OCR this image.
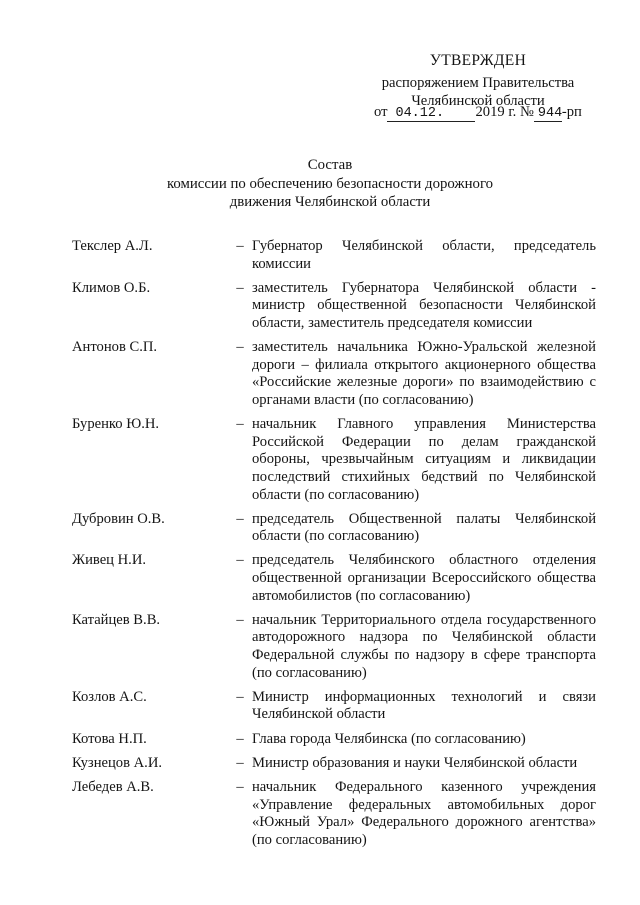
УТВЕРЖДЕН
распоряжением Правительства
Челябинской области
от 04.12. 2019 г. № 944-рп
Состав
комиссии по обеспечению безопасности дорожного
движения Челябинской области
Текслер А.Л.	– Губернатор Челябинской области, председатель комиссии
Климов О.Б.	– заместитель Губернатора Челябинской области - министр общественной безопасности Челябинской области, заместитель председателя комиссии
Антонов С.П.	– заместитель начальника Южно-Уральской железной дороги – филиала открытого акционерного общества «Российские железные дороги» по взаимодействию с органами власти (по согласованию)
Буренко Ю.Н.	– начальник Главного управления Министерства Российской Федерации по делам гражданской обороны, чрезвычайным ситуациям и ликвидации последствий стихийных бедствий по Челябинской области (по согласованию)
Дубровин О.В.	– председатель Общественной палаты Челябинской области (по согласованию)
Живец Н.И.	– председатель Челябинского областного отделения общественной организации Всероссийского общества автомобилистов (по согласованию)
Катайцев В.В.	– начальник Территориального отдела государственного автодорожного надзора по Челябинской области Федеральной службы по надзору в сфере транспорта (по согласованию)
Козлов А.С.	– Министр информационных технологий и связи Челябинской области
Котова Н.П.	– Глава города Челябинска (по согласованию)
Кузнецов А.И.	– Министр образования и науки Челябинской области
Лебедев А.В.	– начальник Федерального казенного учреждения «Управление федеральных автомобильных дорог «Южный Урал» Федерального дорожного агентства» (по согласованию)
